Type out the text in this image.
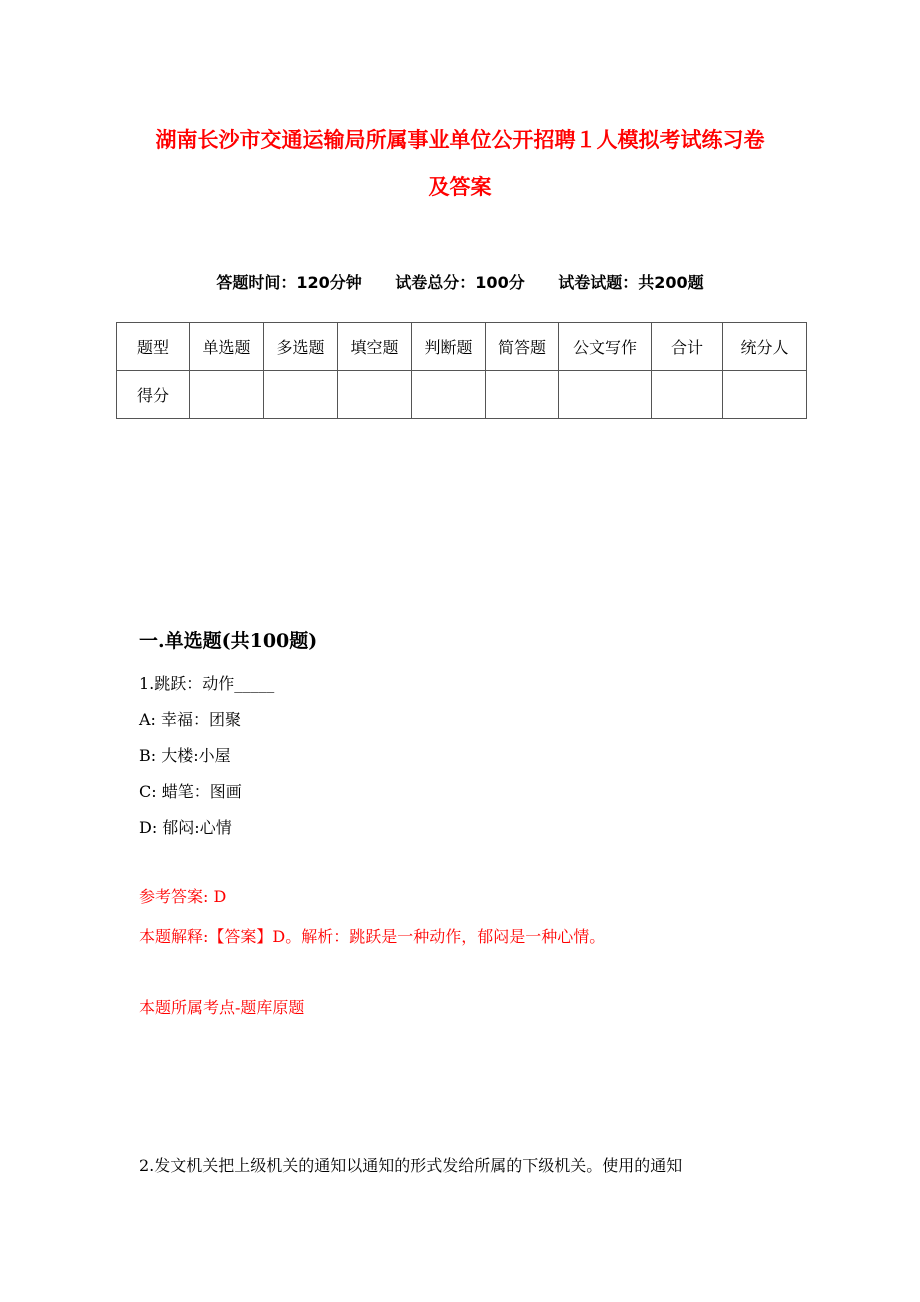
湖南长沙市交通运输局所属事业单位公开招聘１人模拟考试练习卷
及答案
答题时间：120分钟 试卷总分：100分 试卷试题：共200题
题型	单选题	多选题	填空题	判断题	简答题	公文写作	合计	统分人
得分								
一.单选题(共100题)
1.跳跃：动作_____
A: 幸福：团聚
B: 大楼:小屋
C: 蜡笔：图画
D: 郁闷:心情
参考答案: D
本题解释:【答案】D。解析：跳跃是一种动作，郁闷是一种心情。
本题所属考点-题库原题
2.发文机关把上级机关的通知以通知的形式发给所属的下级机关。使用的通知
